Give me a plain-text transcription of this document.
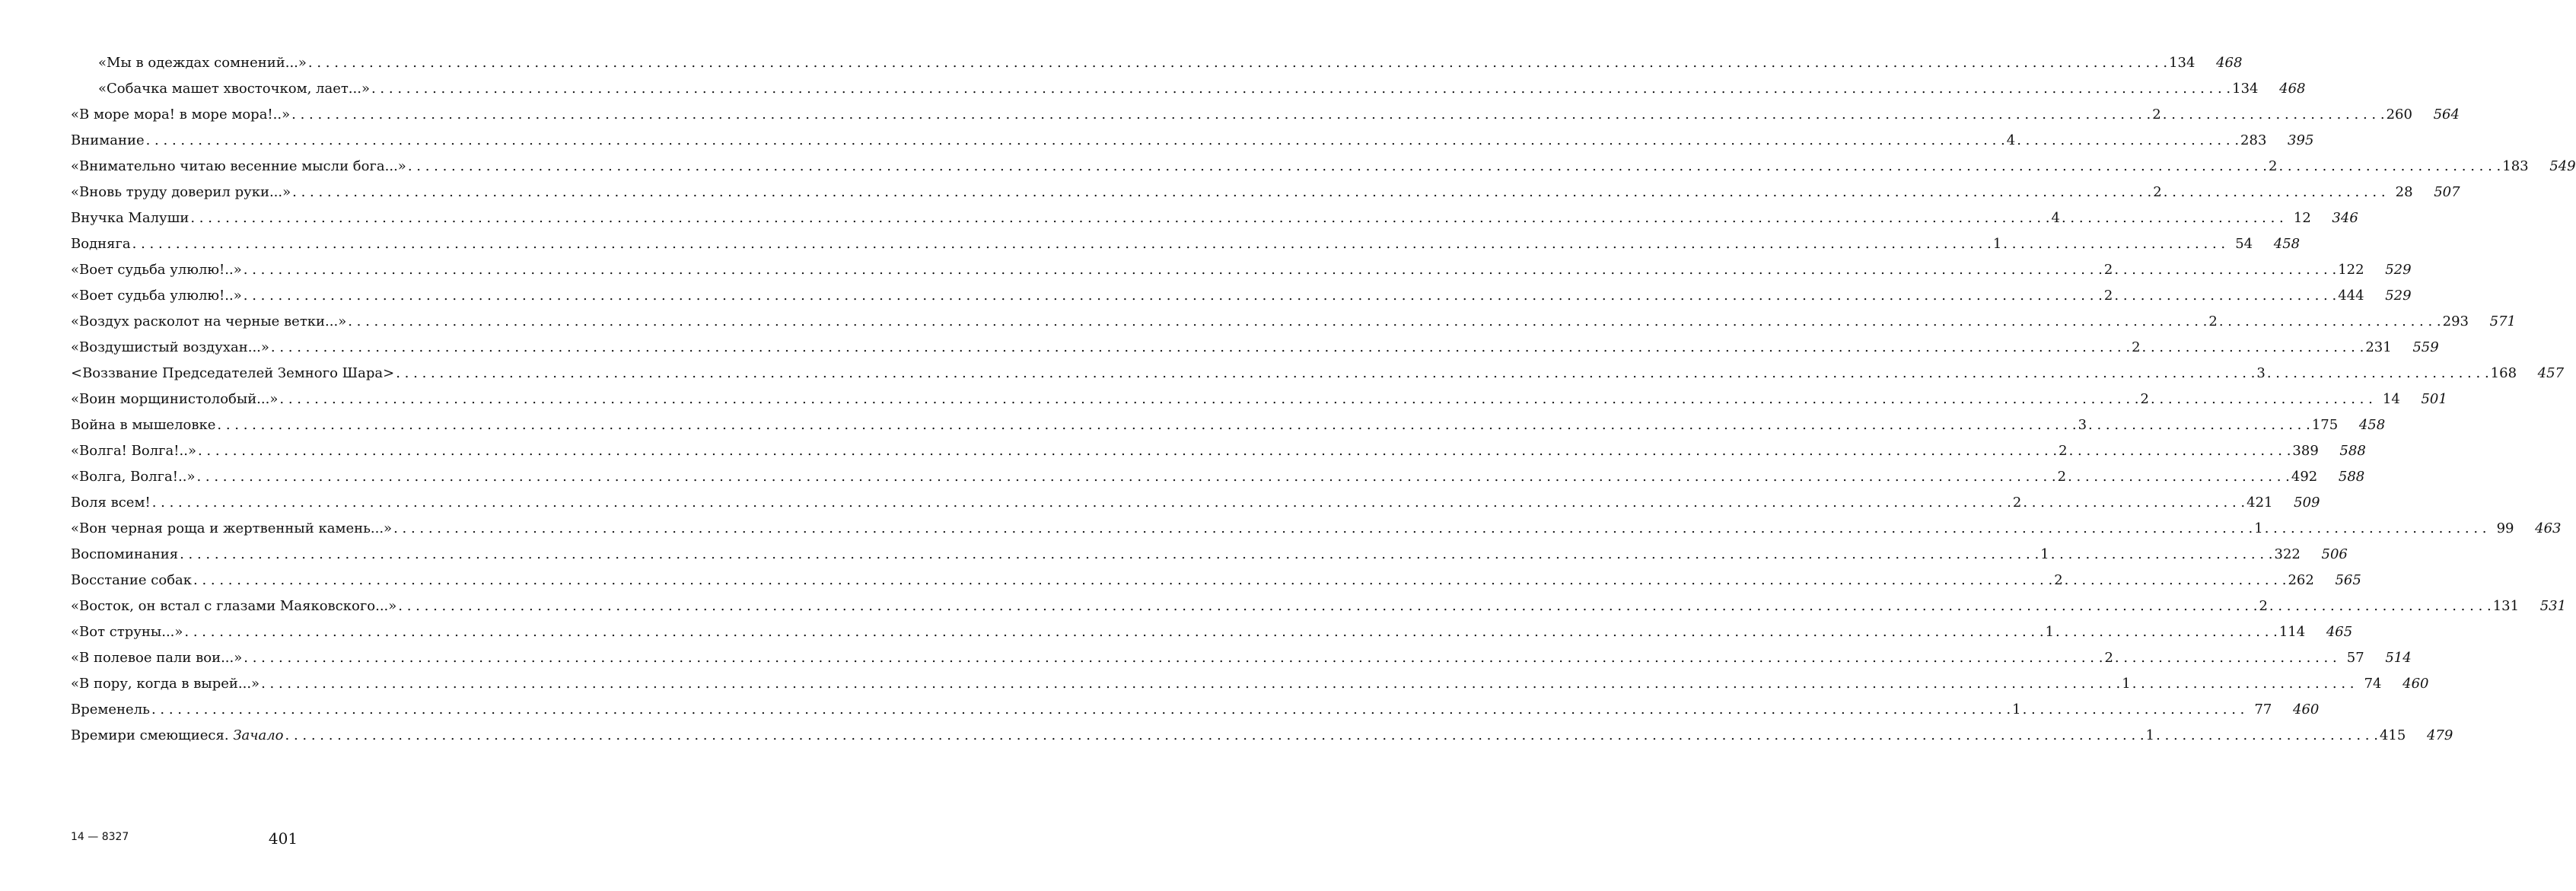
«Мы в одеждах сомнений...» . . .	134	468
«Собачка машет хвосточком, лает...» . . .	134	468
«В море мора! в море мора!..» . . .	2 . . .	260	564
Внимание . . .	4 . . .	283	395
«Внимательно читаю весенние мысли бога...» . . .	2 . . .	183	549
«Вновь труду доверил руки...» . . .	2 . . .	28	507
Внучка Малуши . . .	4 . . .	12	346
Водняга . . .	1 . . .	54	458
«Воет судьба улюлю!..» . . .	2 . . .	122	529
«Воет судьба улюлю!..» . . .	2 . . .	444	529
«Воздух расколот на черные ветки...» . . .	2 . . .	293	571
«Воздушистый воздухан...» . . .	2 . . .	231	559
<Воззвание Председателей Земного Шара> . . .	3 . . .	168	457
«Воин морщинистолобый...» . . .	2 . . .	14	501
Война в мышеловке . . .	3 . . .	175	458
«Волга! Волга!..» . . .	2 . . .	389	588
«Волга, Волга!..» . . .	2 . . .	492	588
Воля всем! . . .	2 . . .	421	509
«Вон черная роща и жертвенный камень...» . . .	1 . . .	99	463
Воспоминания . . .	1 . . .	322	506
Восстание собак . . .	2 . . .	262	565
«Восток, он встал с глазами Маяковского...» . . .	2 . . .	131	531
«Вот струны...» . . .	1 . . .	114	465
«В полевое пали вои...» . . .	2 . . .	57	514
«В пору, когда в вырей...» . . .	1 . . .	74	460
Временель . . .	1 . . .	77	460
Времири смеющиеся. Зачало . . .	1 . . .	415	479
14 — 8327	401
